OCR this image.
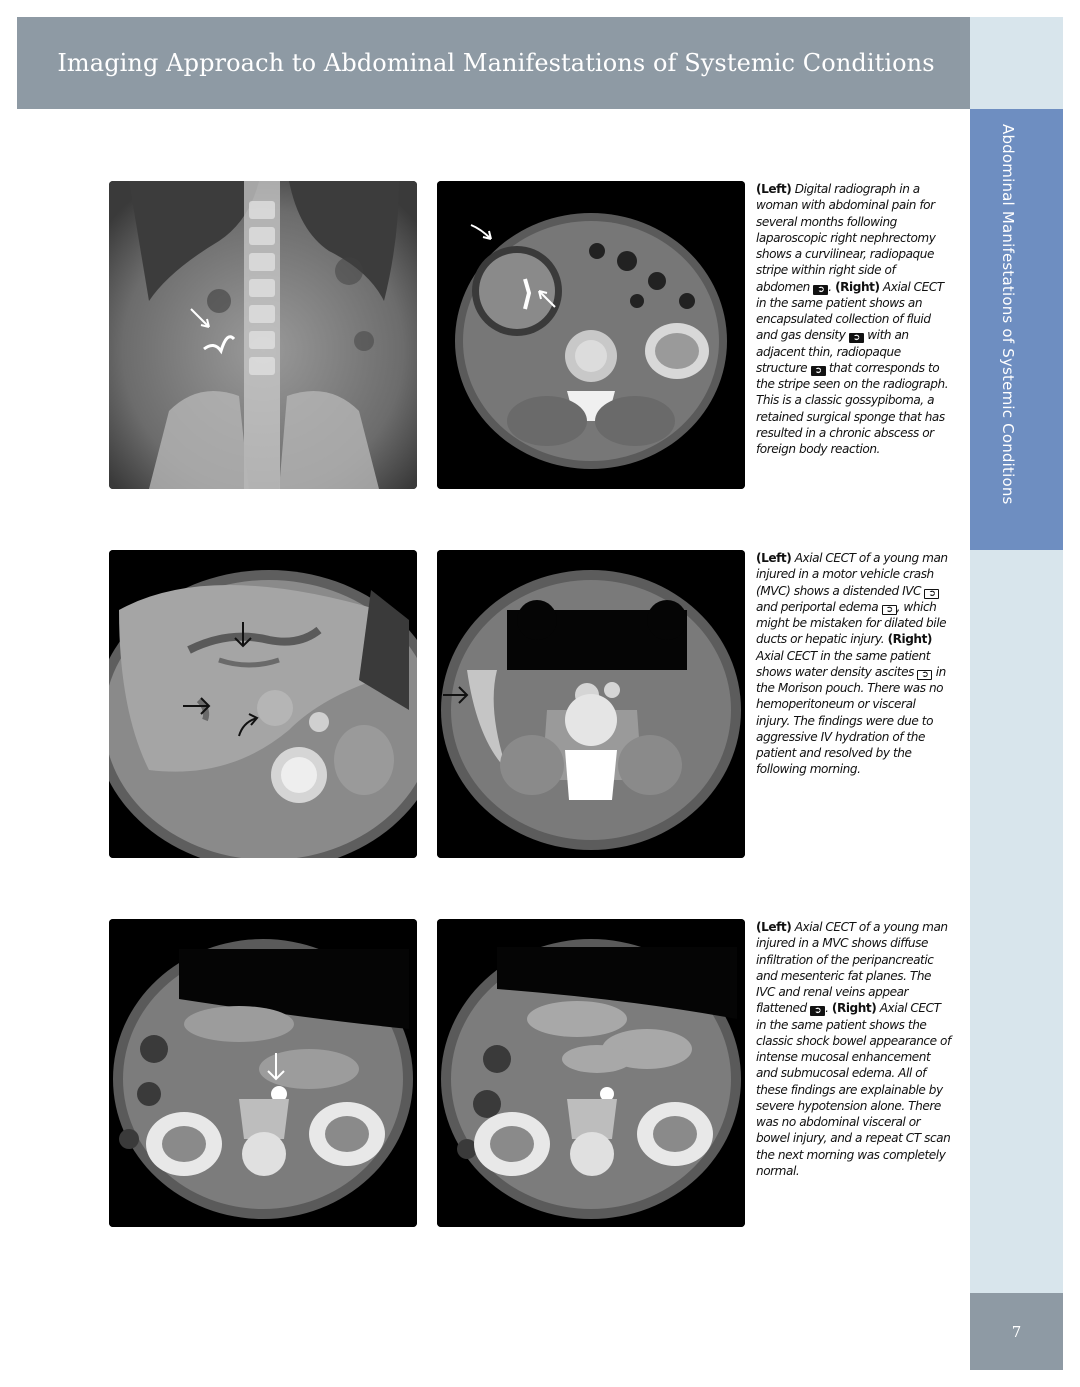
Imaging Approach to Abdominal Manifestations of Systemic Conditions
Abdominal Manifestations of Systemic Conditions
7
(Left) Digital radiograph in a woman with abdominal pain for several months following laparoscopic right nephrectomy shows a curvilinear, radiopaque stripe within right side of abdomen ➲ . (Right) Axial CECT in the same patient shows an encapsulated collection of fluid and gas density ➲ with an adjacent thin, radiopaque structure ➲ that corresponds to the stripe seen on the radiograph. This is a classic gossypiboma, a retained surgical sponge that has resulted in a chronic abscess or foreign body reaction.
(Left) Axial CECT of a young man injured in a motor vehicle crash (MVC) shows a distended IVC ➲ and periportal edema ➲ , which might be mistaken for dilated bile ducts or hepatic injury. (Right) Axial CECT in the same patient shows water density ascites ➲ in the Morison pouch. There was no hemoperitoneum or visceral injury. The findings were due to aggressive IV hydration of the patient and resolved by the following morning.
(Left) Axial CECT of a young man injured in a MVC shows diffuse infiltration of the peripancreatic and mesenteric fat planes. The IVC and renal veins appear flattened ➲ . (Right) Axial CECT in the same patient shows the classic shock bowel appearance of intense mucosal enhancement and submucosal edema. All of these findings are explainable by severe hypotension alone. There was no abdominal visceral or bowel injury, and a repeat CT scan the next morning was completely normal.
